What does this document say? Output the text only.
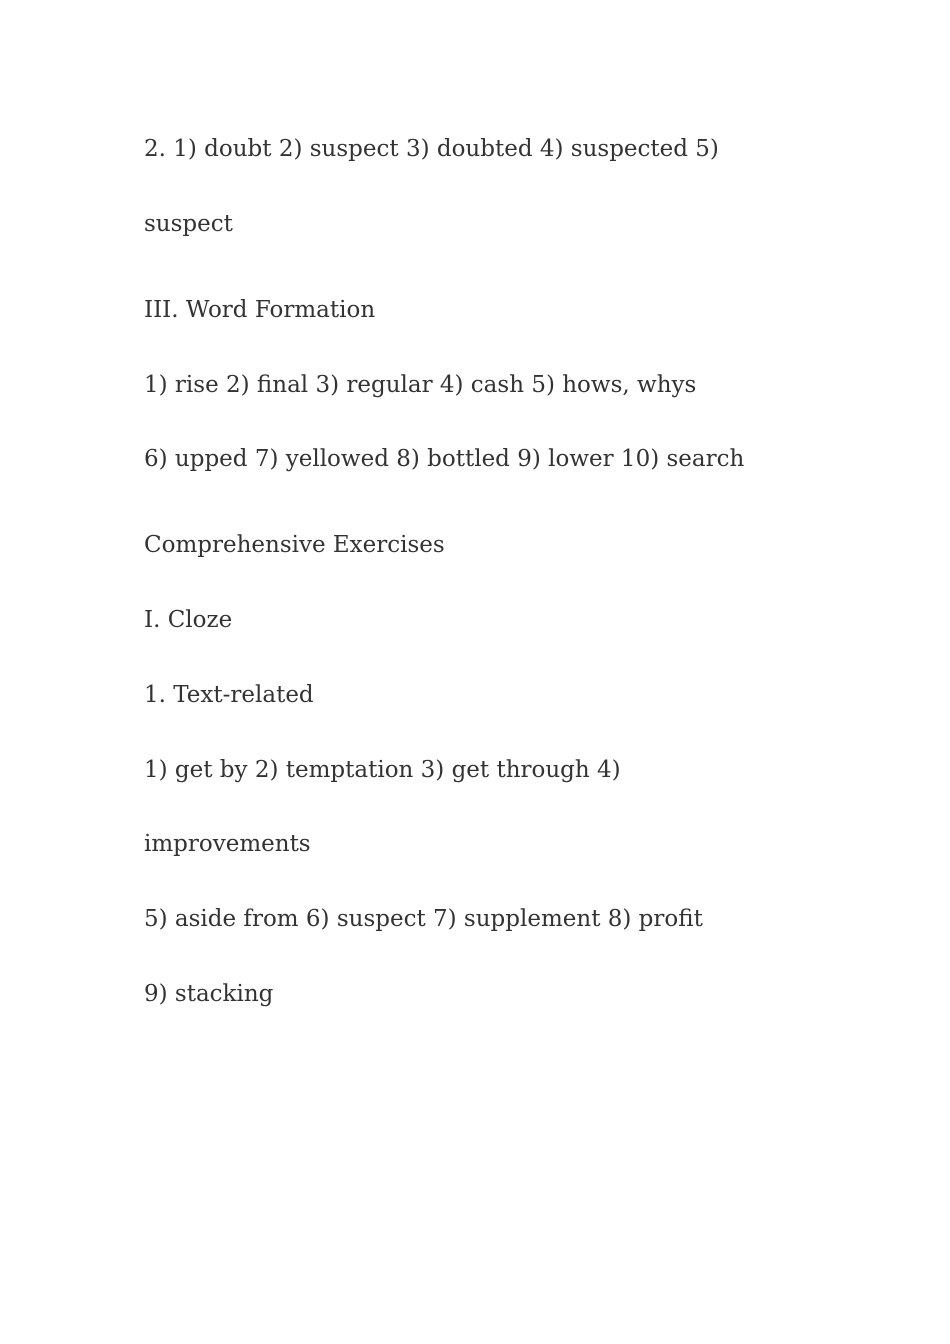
2. 1) doubt 2) suspect 3) doubted 4) suspected 5)

suspect

III. Word Formation

1) rise 2) final 3) regular 4) cash 5) hows, whys

6) upped 7) yellowed 8) bottled 9) lower 10) search

Comprehensive Exercises

I. Cloze

1. Text-related

1) get by 2) temptation 3) get through 4)

improvements

5) aside from 6) suspect 7) supplement 8) profit

9) stacking
